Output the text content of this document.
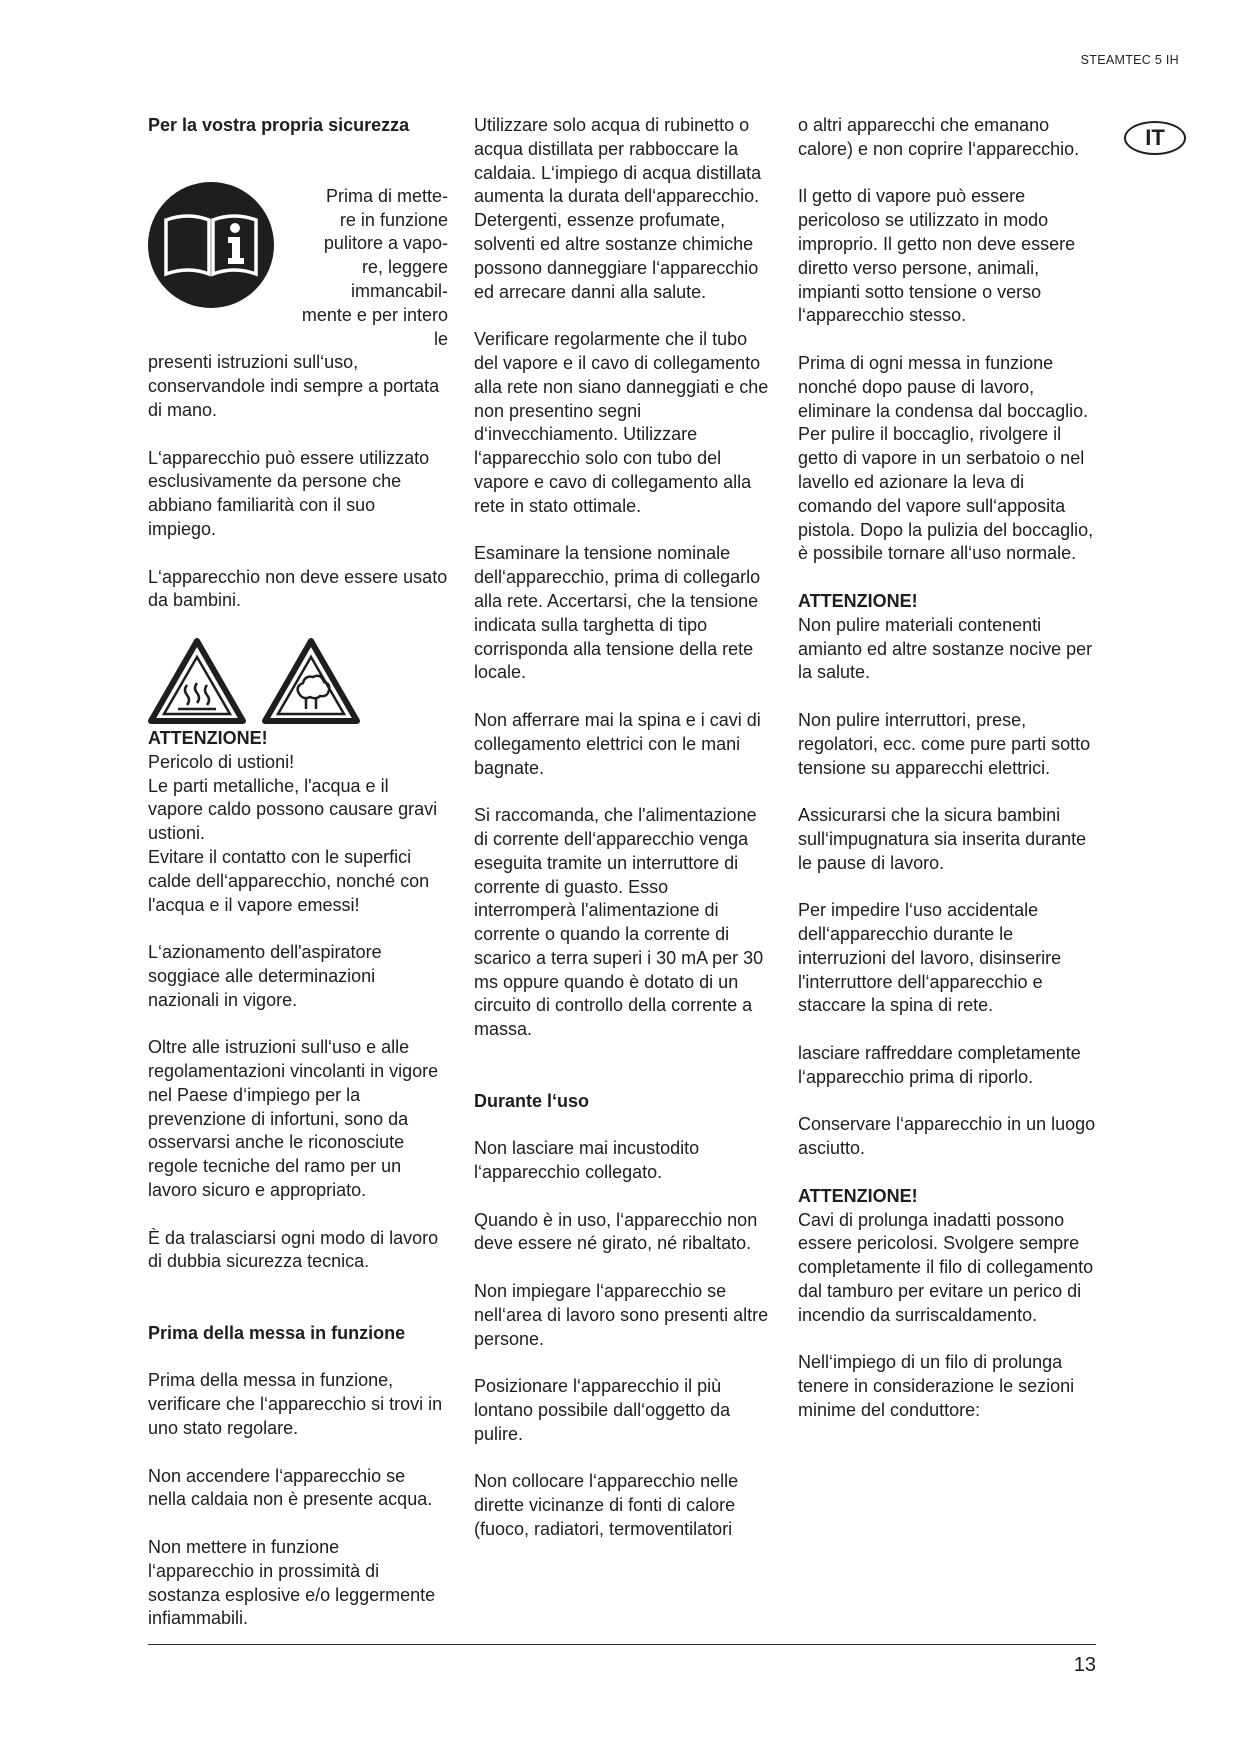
STEAMTEC 5 IH
IT

Per la vostra propria sicurezza

Prima di mette-
re in funzione
pulitore a vapo-
re, leggere
immancabil-
mente e per intero le

presenti istruzioni sull‘uso, conservandole indi sempre a portata di mano.

L‘apparecchio può essere utilizzato esclusivamente da persone che abbiano familiarità con il suo impiego.

L‘apparecchio non deve essere usato da bambini.

ATTENZIONE!
Pericolo di ustioni!
Le parti metalliche, l'acqua e il vapore caldo possono causare gravi ustioni.
Evitare il contatto con le superfici calde dell‘apparecchio, nonché con l'acqua e il vapore emessi!

L‘azionamento dell'aspiratore soggiace alle determinazioni nazionali in vigore.

Oltre alle istruzioni sull‘uso e alle regolamentazioni vincolanti in vigore nel Paese d‘impiego per la prevenzione di infortuni, sono da osservarsi anche le riconosciute regole tecniche del ramo per un lavoro sicuro e appropriato.

È da tralasciarsi ogni modo di lavoro di dubbia sicurezza tecnica.

Prima della messa in funzione

Prima della messa in funzione, verificare che l‘apparecchio si trovi in uno stato regolare.

Non accendere l‘apparecchio se nella caldaia non è presente acqua.

Non mettere in funzione l‘apparecchio in prossimità di sostanza esplosive e/o leggermente infiammabili.

Utilizzare solo acqua di rubinetto o acqua distillata per rabboccare la caldaia. L‘impiego di acqua distillata aumenta la durata dell‘apparecchio. Detergenti, essenze profumate, solventi ed altre sostanze chimiche possono danneggiare l‘apparecchio ed arrecare danni alla salute.

Verificare regolarmente che il tubo del vapore e il cavo di collegamento alla rete non siano danneggiati e che non presentino segni d‘invecchiamento. Utilizzare l‘apparecchio solo con tubo del vapore e cavo di collegamento alla rete in stato ottimale.

Esaminare la tensione nominale dell‘apparecchio, prima di collegarlo alla rete. Accertarsi, che la tensione indicata sulla targhetta di tipo corrisponda alla tensione della rete locale.

Non afferrare mai la spina e i cavi di collegamento elettrici con le mani bagnate.

Si raccomanda, che l'alimentazione di corrente dell‘apparecchio venga eseguita tramite un interruttore di corrente di guasto. Esso interromperà l'alimentazione di corrente o quando la corrente di scarico a terra superi i 30 mA per 30 ms oppure quando è dotato di un circuito di controllo della corrente a massa.

Durante l‘uso

Non lasciare mai incustodito l‘apparecchio collegato.

Quando è in uso, l‘apparecchio non deve essere né girato, né ribaltato.

Non impiegare l‘apparecchio se nell‘area di lavoro sono presenti altre persone.

Posizionare l‘apparecchio il più lontano possibile dall‘oggetto da pulire.

Non collocare l‘apparecchio nelle dirette vicinanze di fonti di calore (fuoco, radiatori, termoventilatori

o altri apparecchi che emanano calore) e non coprire l‘apparecchio.

Il getto di vapore può essere pericoloso se utilizzato in modo improprio. Il getto non deve essere diretto verso persone, animali, impianti sotto tensione o verso l‘apparecchio stesso.

Prima di ogni messa in funzione nonché dopo pause di lavoro, eliminare la condensa dal boccaglio. Per pulire il boccaglio, rivolgere il getto di vapore in un serbatoio o nel lavello ed azionare la leva di comando del vapore sull‘apposita pistola. Dopo la pulizia del boccaglio, è possibile tornare all‘uso normale.

ATTENZIONE!
Non pulire materiali contenenti amianto ed altre sostanze nocive per la salute.

Non pulire interruttori, prese, regolatori, ecc. come pure parti sotto tensione su apparecchi elettrici.

Assicurarsi che la sicura bambini sull‘impugnatura sia inserita durante le pause di lavoro.

Per impedire l‘uso accidentale dell‘apparecchio durante le interruzioni del lavoro, disinserire l'interruttore dell‘apparecchio e staccare la spina di rete.

lasciare raffreddare completamente l‘apparecchio prima di riporlo.

Conservare l‘apparecchio in un luogo asciutto.

ATTENZIONE!
Cavi di prolunga inadatti possono essere pericolosi. Svolgere sempre completamente il filo di collegamento dal tamburo per evitare un perico di incendio da surriscaldamento.

Nell‘impiego di un filo di prolunga tenere in considerazione le sezioni minime del conduttore:

13
